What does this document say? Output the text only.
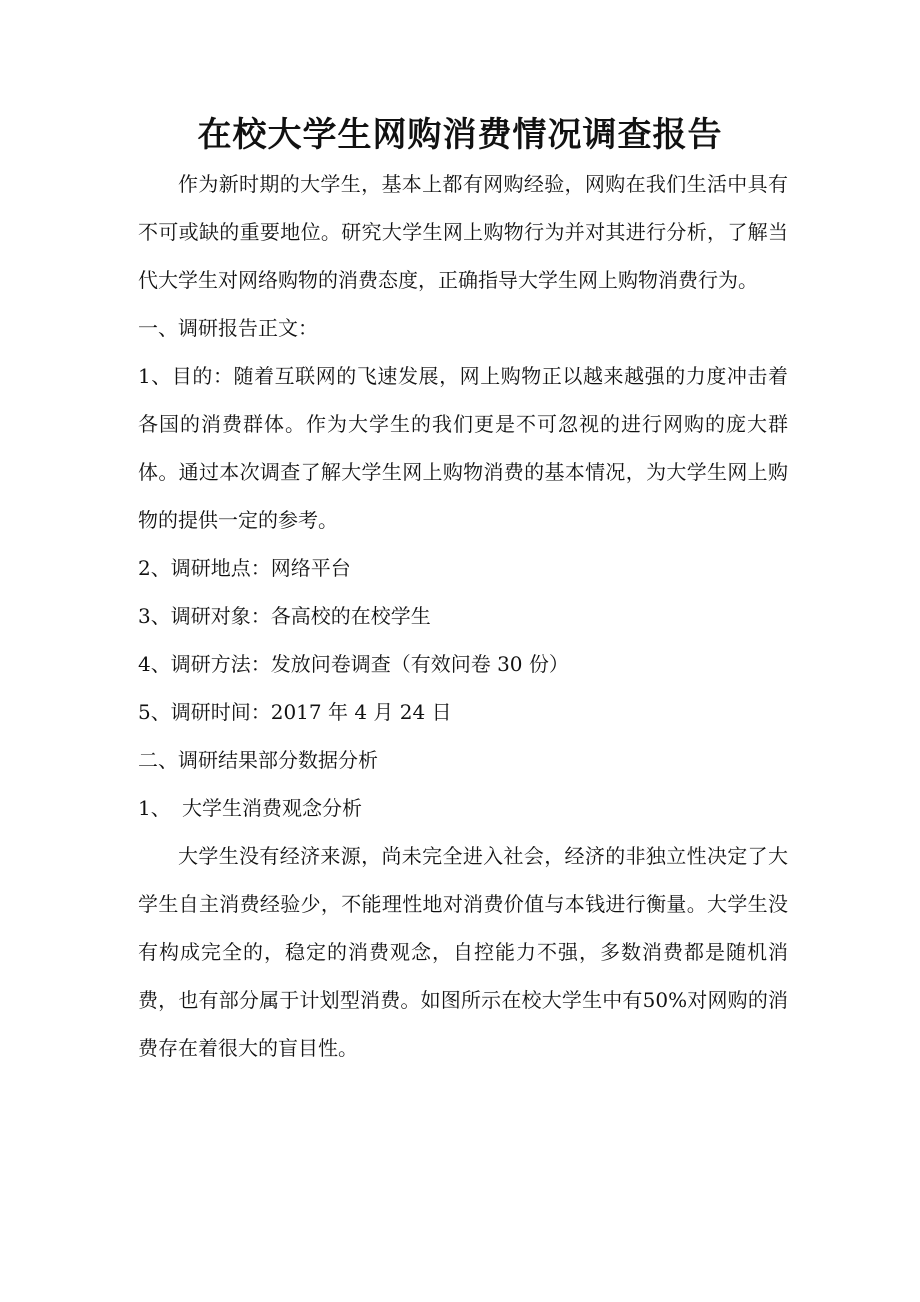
在校大学生网购消费情况调查报告

作为新时期的大学生，基本上都有网购经验，网购在我们生活中具有不可或缺的重要地位。研究大学生网上购物行为并对其进行分析，了解当代大学生对网络购物的消费态度，正确指导大学生网上购物消费行为。

一、调研报告正文：

1、目的：随着互联网的飞速发展，网上购物正以越来越强的力度冲击着各国的消费群体。作为大学生的我们更是不可忽视的进行网购的庞大群体。通过本次调查了解大学生网上购物消费的基本情况，为大学生网上购物的提供一定的参考。

2、调研地点：网络平台

3、调研对象：各高校的在校学生

4、调研方法：发放问卷调查（有效问卷 30 份）

5、调研时间：2017 年 4 月 24 日

二、调研结果部分数据分析

1、 大学生消费观念分析

大学生没有经济来源，尚未完全进入社会，经济的非独立性决定了大学生自主消费经验少，不能理性地对消费价值与本钱进行衡量。大学生没有构成完全的，稳定的消费观念，自控能力不强，多数消费都是随机消费，也有部分属于计划型消费。如图所示在校大学生中有50%对网购的消费存在着很大的盲目性。
